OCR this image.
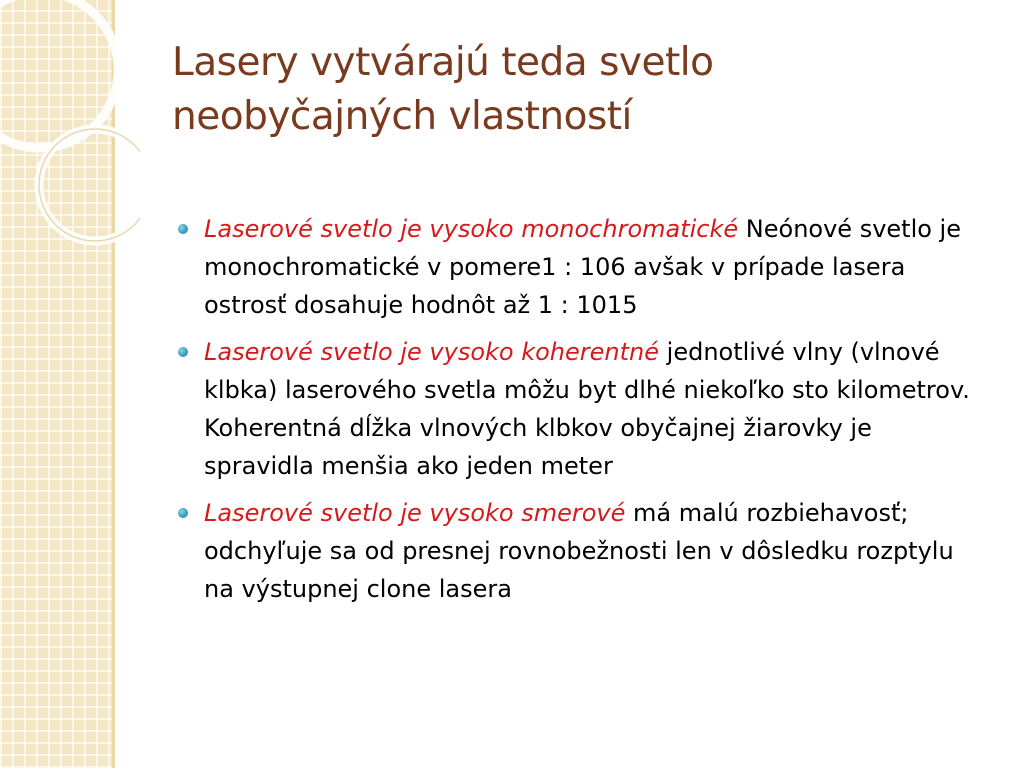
Lasery vytvárajú teda svetlo neobyčajných vlastností
Laserové svetlo je vysoko monochromatické Neónové svetlo je monochromatické v pomere1 : 106 avšak v prípade lasera ostrosť dosahuje hodnôt až 1 : 1015
Laserové svetlo je vysoko koherentné jednotlivé vlny (vlnové klbka) laserového svetla môžu byt dlhé niekoľko sto kilometrov. Koherentná dĺžka vlnových klbkov obyčajnej žiarovky je spravidla menšia ako jeden meter
Laserové svetlo je vysoko smerové má malú rozbiehavosť; odchyľuje sa od presnej rovnobežnosti len v dôsledku rozptylu na výstupnej clone lasera
